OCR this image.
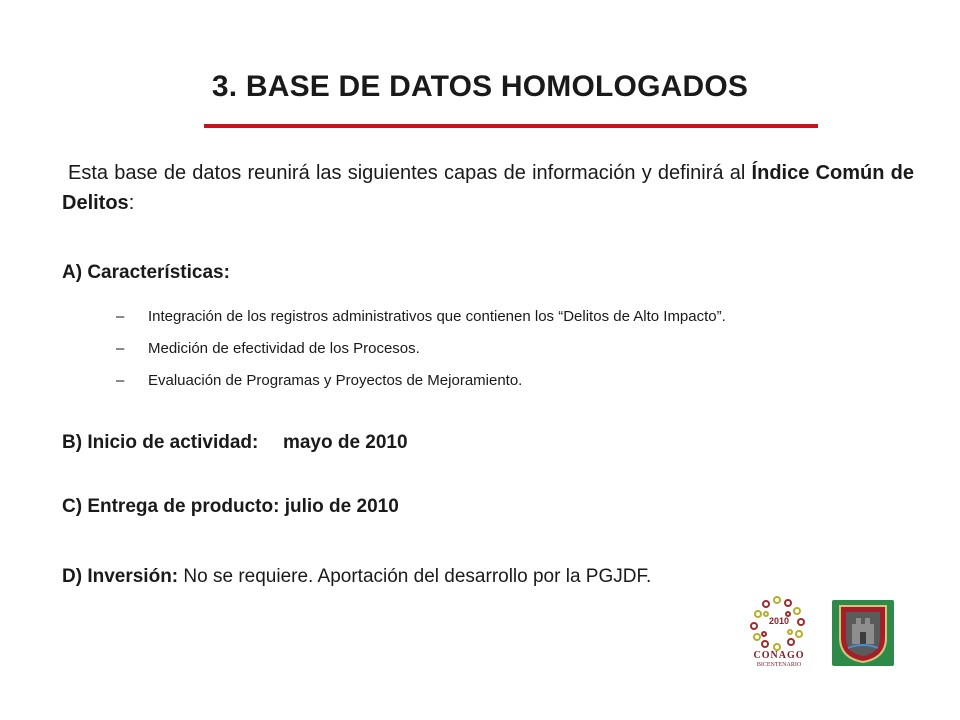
3. BASE DE DATOS HOMOLOGADOS
Esta base de datos reunirá las siguientes capas de información y definirá al Índice Común de Delitos:
A) Características:
–	Integración de los registros administrativos que contienen los “Delitos de Alto Impacto”.
–	Medición de efectividad de los Procesos.
–	Evaluación de Programas y Proyectos de Mejoramiento.
B) Inicio de actividad: mayo de 2010
C) Entrega de producto: julio de 2010
D) Inversión: No se requiere. Aportación del desarrollo por la PGJDF.
2010
CONAGO
BICENTENARIO
